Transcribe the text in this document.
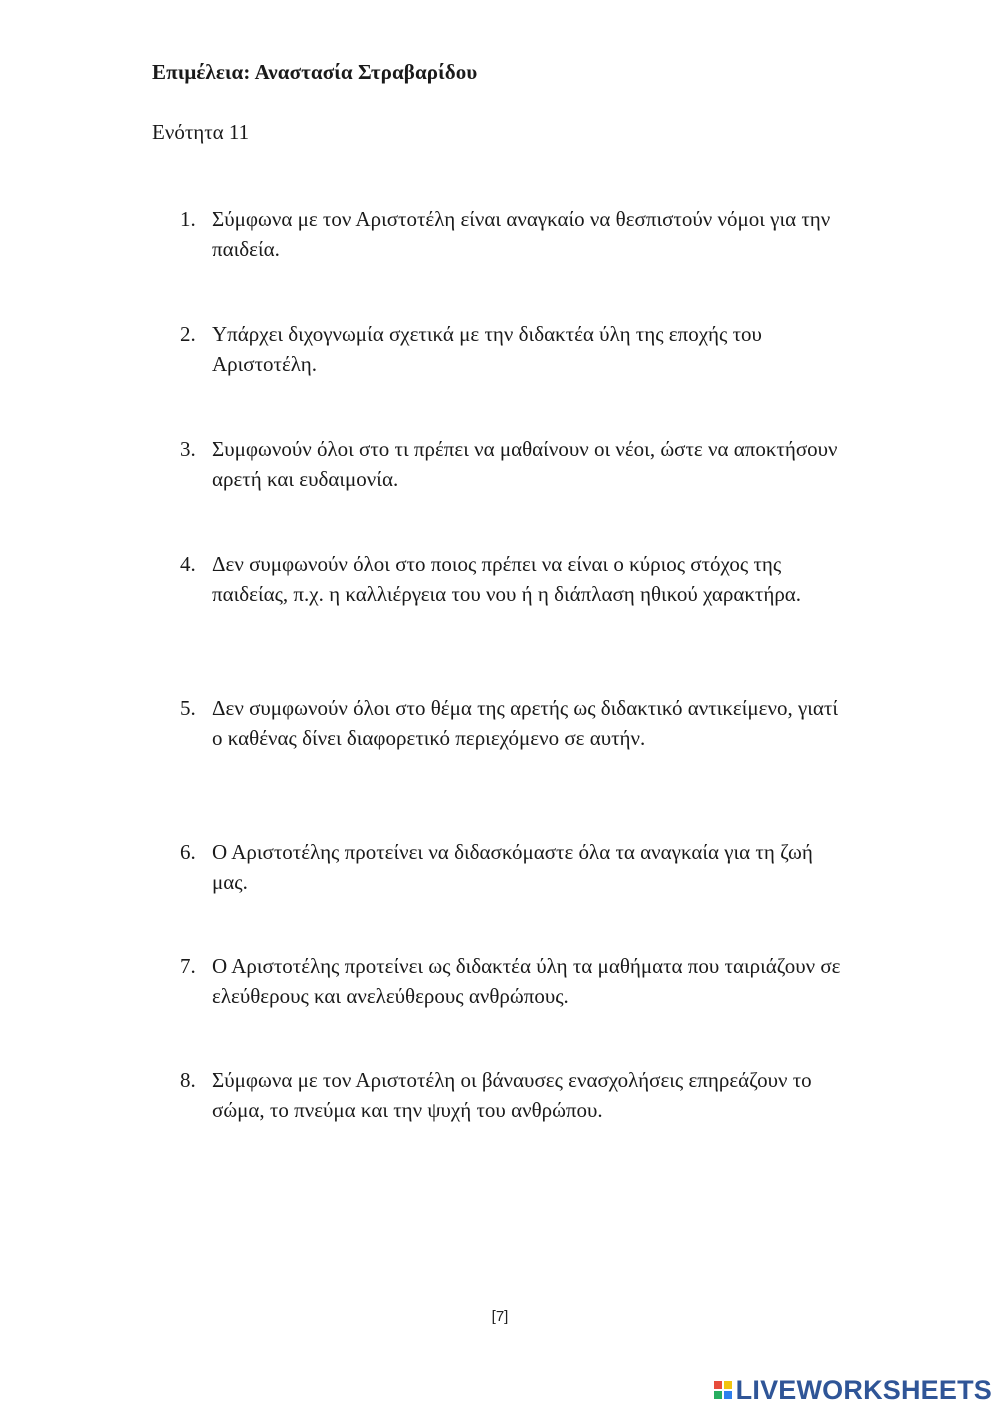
Επιμέλεια: Αναστασία Στραβαρίδου
Ενότητα 11
1. Σύμφωνα με τον Αριστοτέλη είναι αναγκαίο να θεσπιστούν νόμοι για την παιδεία.
2. Υπάρχει διχογνωμία σχετικά με την διδακτέα ύλη της εποχής του Αριστοτέλη.
3. Συμφωνούν όλοι στο τι πρέπει να μαθαίνουν οι νέοι, ώστε να αποκτήσουν αρετή και ευδαιμονία.
4. Δεν συμφωνούν όλοι στο ποιος πρέπει να είναι ο κύριος στόχος της παιδείας, π.χ. η καλλιέργεια του νου ή η διάπλαση ηθικού χαρακτήρα.
5. Δεν συμφωνούν όλοι στο θέμα της αρετής ως διδακτικό αντικείμενο, γιατί ο καθένας δίνει διαφορετικό περιεχόμενο σε αυτήν.
6. Ο Αριστοτέλης προτείνει να διδασκόμαστε όλα τα αναγκαία για τη ζωή μας.
7. Ο Αριστοτέλης προτείνει ως διδακτέα ύλη τα μαθήματα που ταιριάζουν σε ελεύθερους και ανελεύθερους ανθρώπους.
8. Σύμφωνα με τον Αριστοτέλη οι βάναυσες ενασχολήσεις επηρεάζουν το σώμα, το πνεύμα και την ψυχή του ανθρώπου.
[7]
LIVEWORKSHEETS
